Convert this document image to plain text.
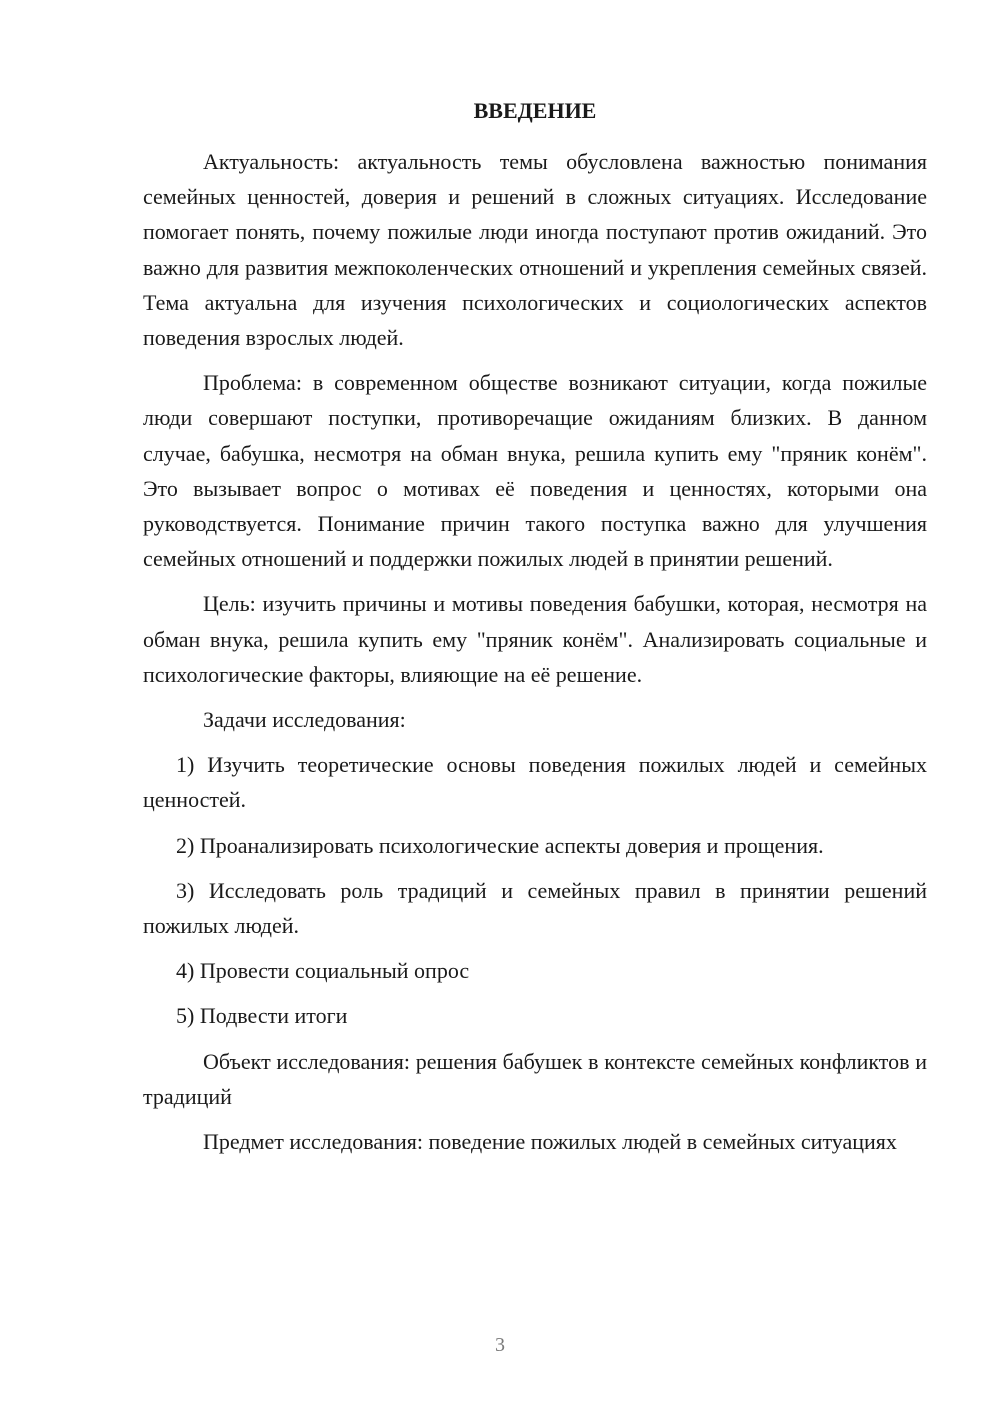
ВВЕДЕНИЕ

Актуальность: актуальность темы обусловлена важностью понимания семейных ценностей, доверия и решений в сложных ситуациях. Исследование помогает понять, почему пожилые люди иногда поступают против ожиданий. Это важно для развития межпоколенческих отношений и укрепления семейных связей. Тема актуальна для изучения психологических и социологических аспектов поведения взрослых людей.

Проблема: в современном обществе возникают ситуации, когда пожилые люди совершают поступки, противоречащие ожиданиям близких. В данном случае, бабушка, несмотря на обман внука, решила купить ему "пряник конём". Это вызывает вопрос о мотивах её поведения и ценностях, которыми она руководствуется. Понимание причин такого поступка важно для улучшения семейных отношений и поддержки пожилых людей в принятии решений.

Цель: изучить причины и мотивы поведения бабушки, которая, несмотря на обман внука, решила купить ему "пряник конём". Анализировать социальные и психологические факторы, влияющие на её решение.

Задачи исследования:

1) Изучить теоретические основы поведения пожилых людей и семейных ценностей.

2) Проанализировать психологические аспекты доверия и прощения.

3) Исследовать роль традиций и семейных правил в принятии решений пожилых людей.

4) Провести социальный опрос

5) Подвести итоги

Объект исследования: решения бабушек в контексте семейных конфликтов и традиций

Предмет исследования: поведение пожилых людей в семейных ситуациях

3
